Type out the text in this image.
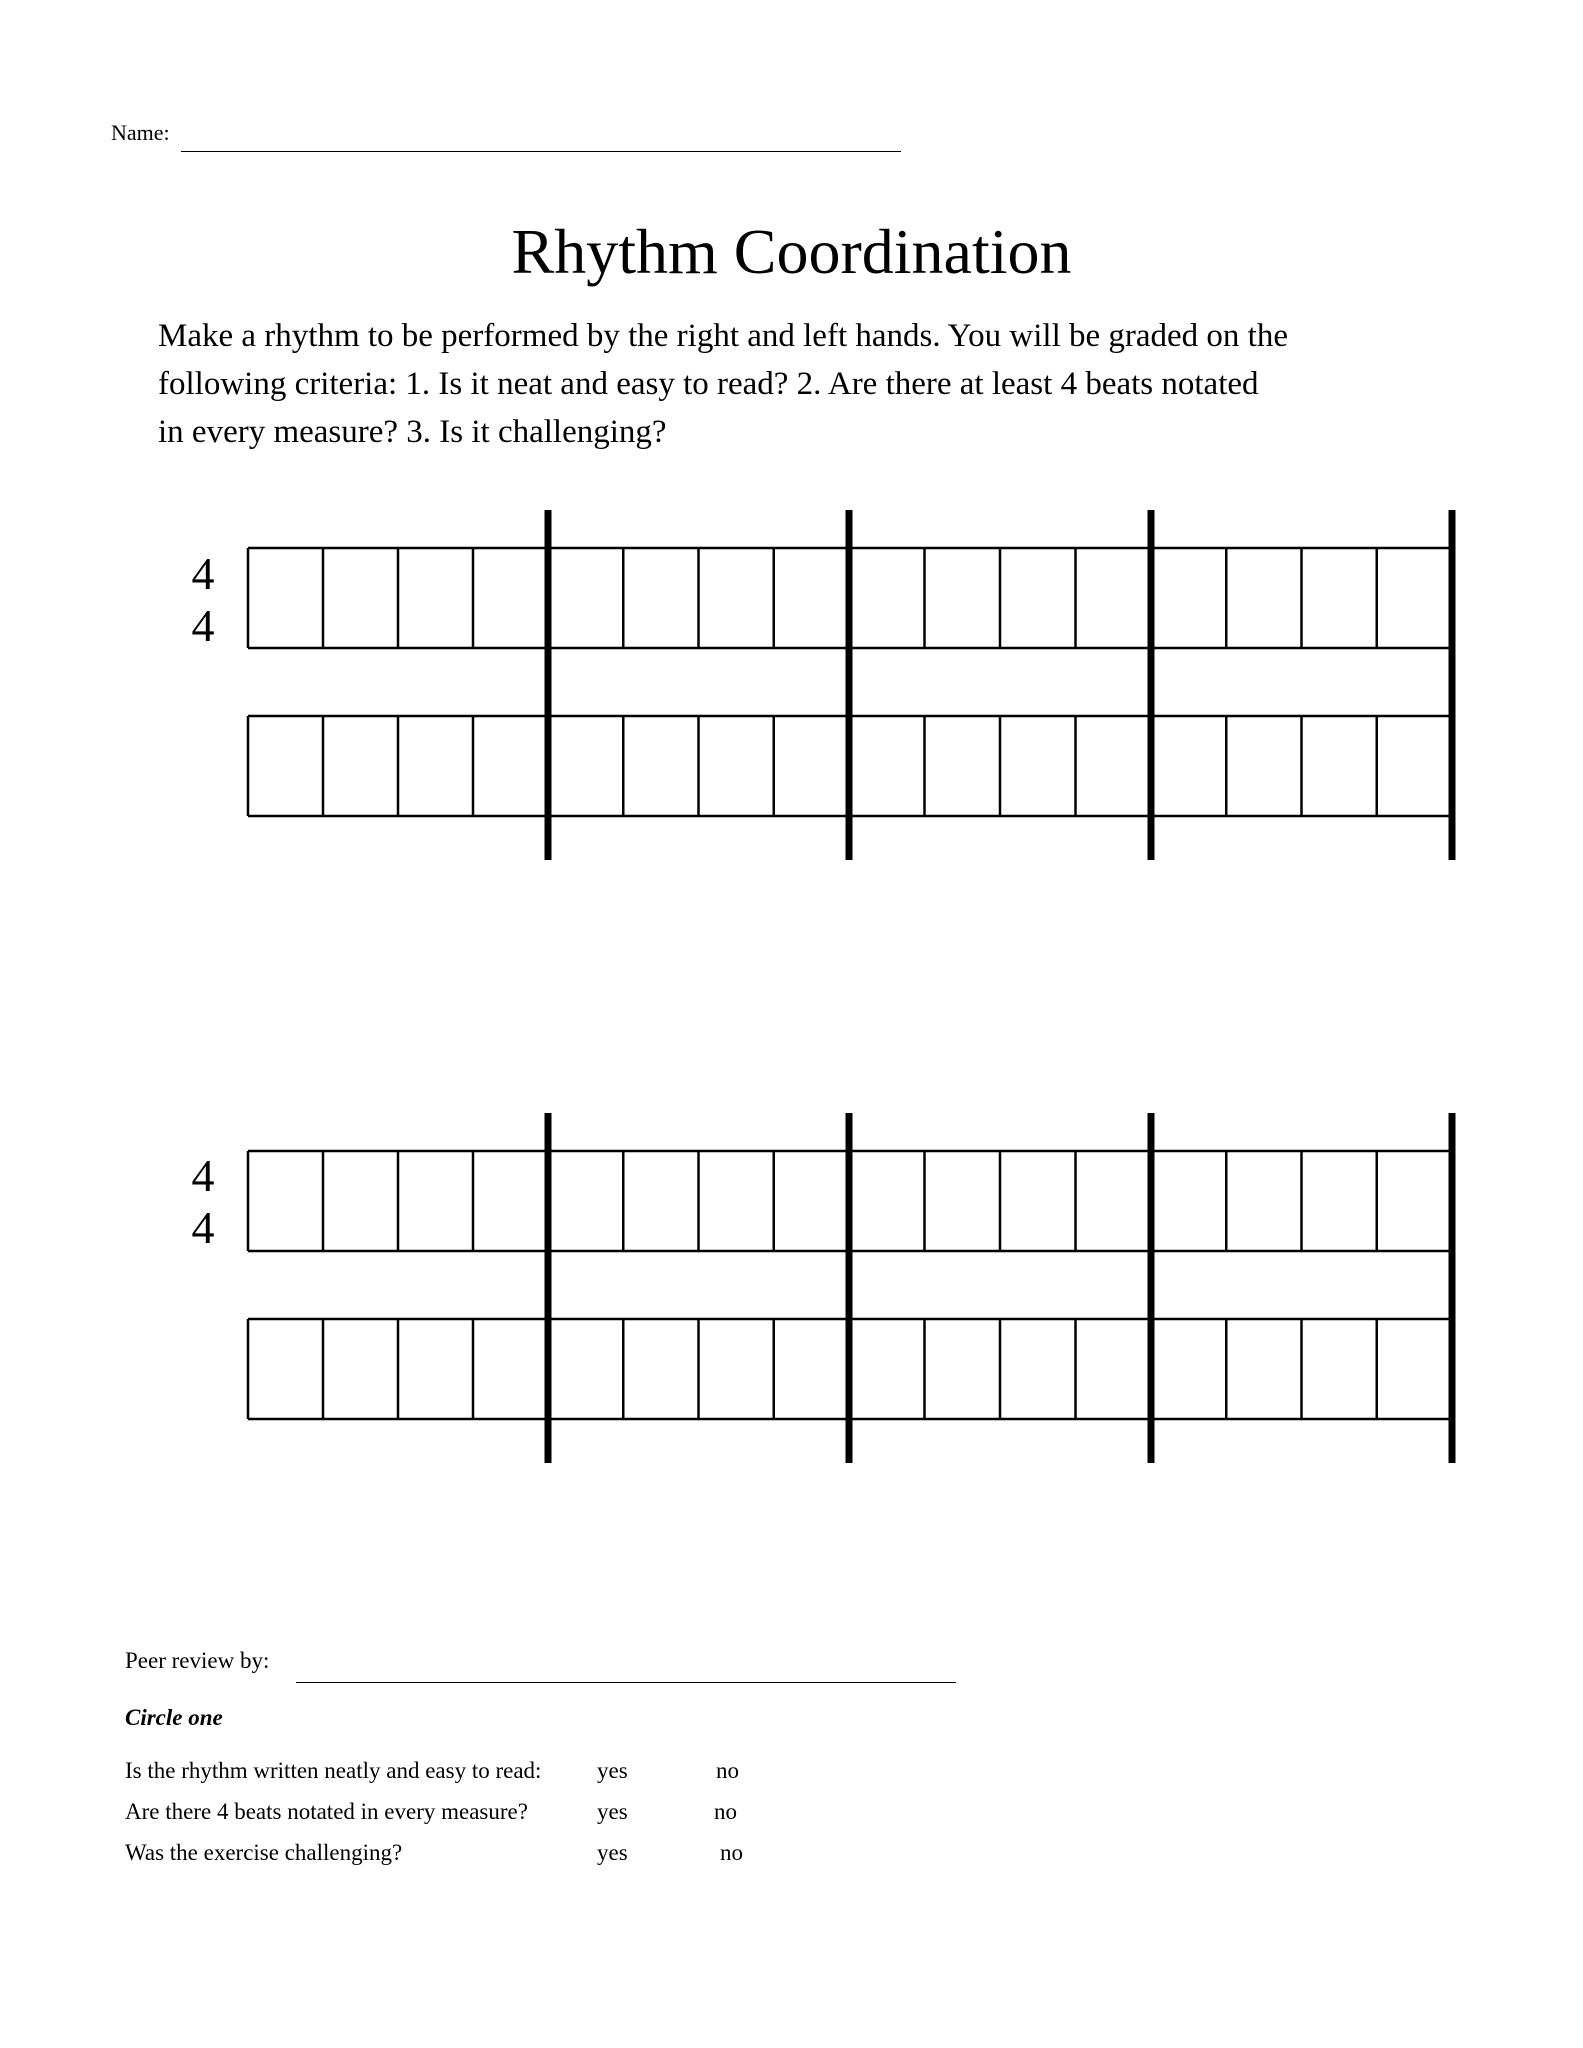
Name:
Rhythm Coordination

Make a rhythm to be performed by the right and left hands. You will be graded on the
following criteria: 1. Is it neat and easy to read? 2. Are there at least 4 beats notated
in every measure? 3. Is it challenging?

4
4
4
4
Peer review by:
Circle one
Is the rhythm written neatly and easy to read: yes	no
Are there 4 beats notated in every measure?	yes	no
Was the exercise challenging?	yes	no
